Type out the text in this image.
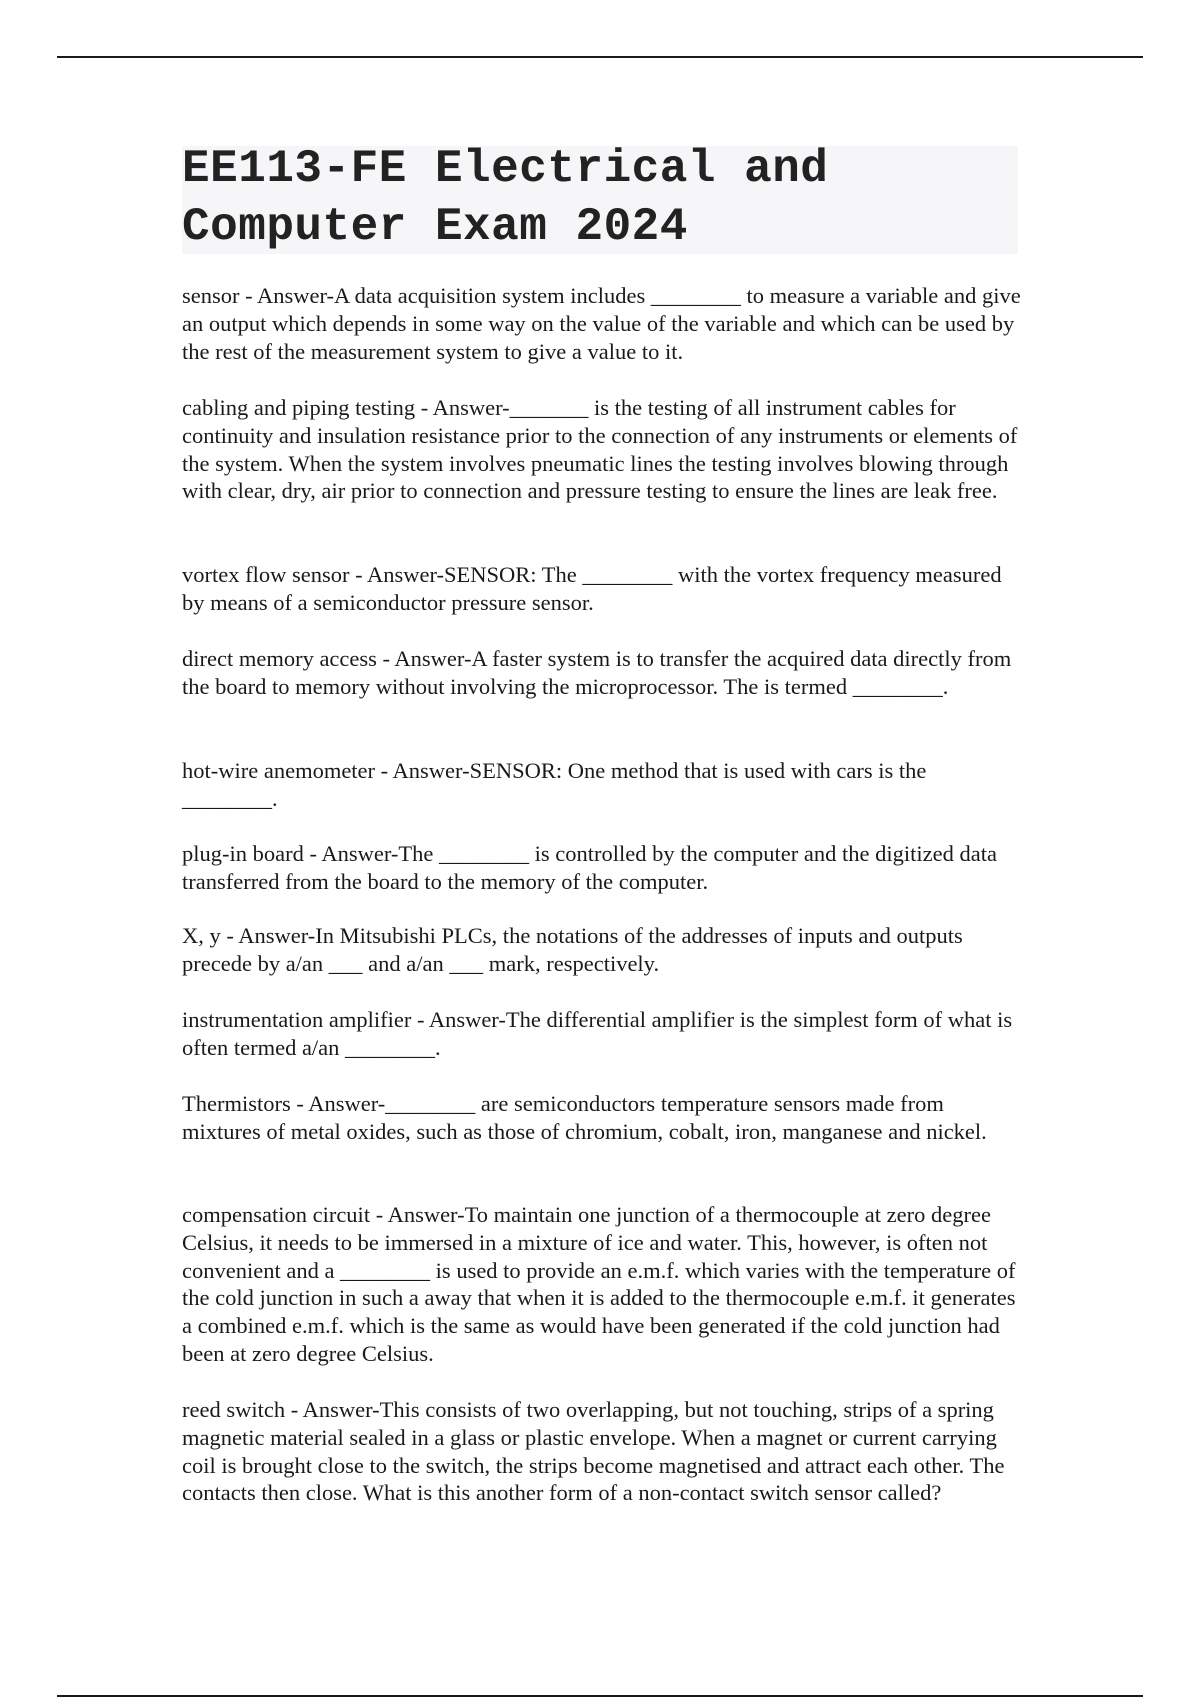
EE113-FE Electrical and Computer Exam 2024

sensor - Answer-A data acquisition system includes ________ to measure a variable and give an output which depends in some way on the value of the variable and which can be used by the rest of the measurement system to give a value to it.

cabling and piping testing - Answer-_______ is the testing of all instrument cables for continuity and insulation resistance prior to the connection of any instruments or elements of the system. When the system involves pneumatic lines the testing involves blowing through with clear, dry, air prior to connection and pressure testing to ensure the lines are leak free.

vortex flow sensor - Answer-SENSOR: The ________ with the vortex frequency measured by means of a semiconductor pressure sensor.

direct memory access - Answer-A faster system is to transfer the acquired data directly from the board to memory without involving the microprocessor. The is termed ________.

hot-wire anemometer - Answer-SENSOR: One method that is used with cars is the ________.

plug-in board - Answer-The ________ is controlled by the computer and the digitized data transferred from the board to the memory of the computer.

X, y - Answer-In Mitsubishi PLCs, the notations of the addresses of inputs and outputs precede by a/an ___ and a/an ___ mark, respectively.

instrumentation amplifier - Answer-The differential amplifier is the simplest form of what is often termed a/an ________.

Thermistors - Answer-________ are semiconductors temperature sensors made from mixtures of metal oxides, such as those of chromium, cobalt, iron, manganese and nickel.

compensation circuit - Answer-To maintain one junction of a thermocouple at zero degree Celsius, it needs to be immersed in a mixture of ice and water. This, however, is often not convenient and a ________ is used to provide an e.m.f. which varies with the temperature of the cold junction in such a away that when it is added to the thermocouple e.m.f. it generates a combined e.m.f. which is the same as would have been generated if the cold junction had been at zero degree Celsius.

reed switch - Answer-This consists of two overlapping, but not touching, strips of a spring magnetic material sealed in a glass or plastic envelope. When a magnet or current carrying coil is brought close to the switch, the strips become magnetised and attract each other. The contacts then close. What is this another form of a non-contact switch sensor called?
